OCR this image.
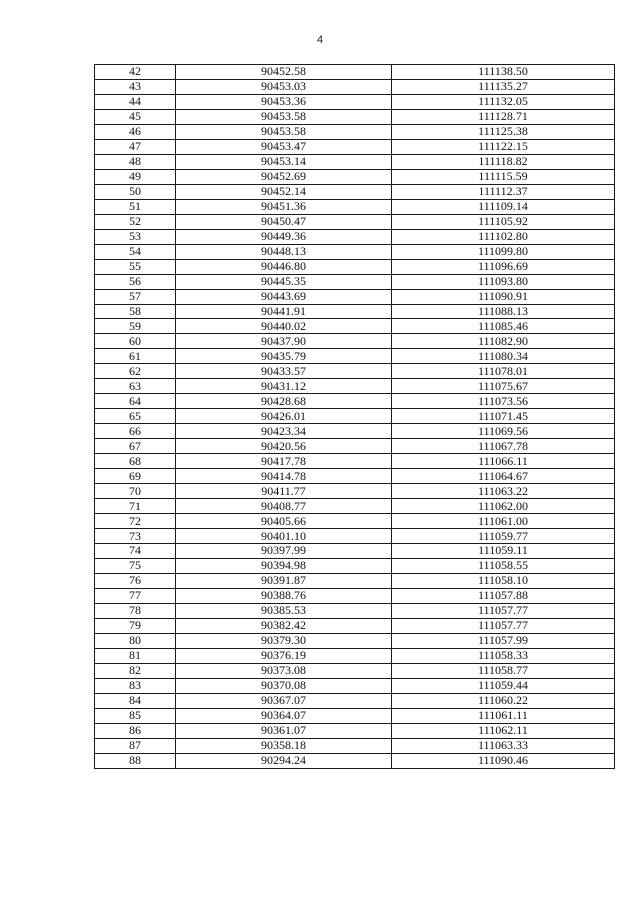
4
42	90452.58	111138.50
43	90453.03	111135.27
44	90453.36	111132.05
45	90453.58	111128.71
46	90453.58	111125.38
47	90453.47	111122.15
48	90453.14	111118.82
49	90452.69	111115.59
50	90452.14	111112.37
51	90451.36	111109.14
52	90450.47	111105.92
53	90449.36	111102.80
54	90448.13	111099.80
55	90446.80	111096.69
56	90445.35	111093.80
57	90443.69	111090.91
58	90441.91	111088.13
59	90440.02	111085.46
60	90437.90	111082.90
61	90435.79	111080.34
62	90433.57	111078.01
63	90431.12	111075.67
64	90428.68	111073.56
65	90426.01	111071.45
66	90423.34	111069.56
67	90420.56	111067.78
68	90417.78	111066.11
69	90414.78	111064.67
70	90411.77	111063.22
71	90408.77	111062.00
72	90405.66	111061.00
73	90401.10	111059.77
74	90397.99	111059.11
75	90394.98	111058.55
76	90391.87	111058.10
77	90388.76	111057.88
78	90385.53	111057.77
79	90382.42	111057.77
80	90379.30	111057.99
81	90376.19	111058.33
82	90373.08	111058.77
83	90370.08	111059.44
84	90367.07	111060.22
85	90364.07	111061.11
86	90361.07	111062.11
87	90358.18	111063.33
88	90294.24	111090.46
